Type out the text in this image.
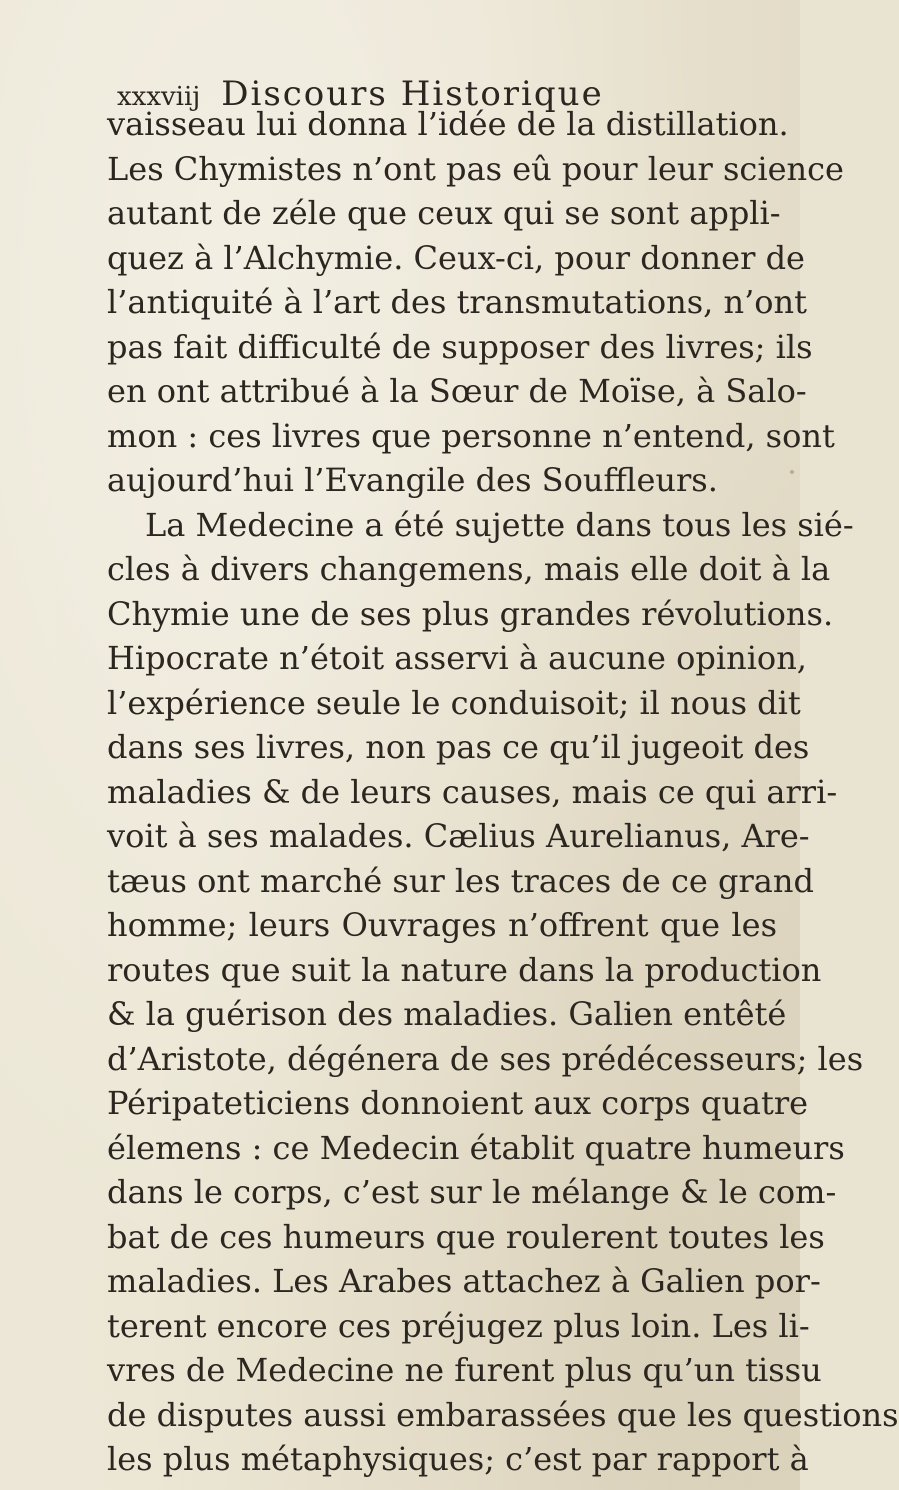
xxxviij Discours Historique
vaisseau lui donna l’idée de la distillation.
Les Chymistes n’ont pas eû pour leur science
autant de zéle que ceux qui se sont appli-
quez à l’Alchymie. Ceux-ci, pour donner de
l’antiquité à l’art des transmutations, n’ont
pas fait difficulté de supposer des livres; ils
en ont attribué à la Sœur de Moïse, à Salo-
mon : ces livres que personne n’entend, sont
aujourd’hui l’Evangile des Souffleurs.
La Medecine a été sujette dans tous les sié-
cles à divers changemens, mais elle doit à la
Chymie une de ses plus grandes révolutions.
Hipocrate n’étoit asservi à aucune opinion,
l’expérience seule le conduisoit; il nous dit
dans ses livres, non pas ce qu’il jugeoit des
maladies & de leurs causes, mais ce qui arri-
voit à ses malades. Cælius Aurelianus, Are-
tæus ont marché sur les traces de ce grand
homme; leurs Ouvrages n’offrent que les
routes que suit la nature dans la production
& la guérison des maladies. Galien entêté
d’Aristote, dégénera de ses prédécesseurs; les
Péripateticiens donnoient aux corps quatre
élemens : ce Medecin établit quatre humeurs
dans le corps, c’est sur le mélange & le com-
bat de ces humeurs que roulerent toutes les
maladies. Les Arabes attachez à Galien por-
terent encore ces préjugez plus loin. Les li-
vres de Medecine ne furent plus qu’un tissu
de disputes aussi embarassées que les questions
les plus métaphysiques; c’est par rapport à
